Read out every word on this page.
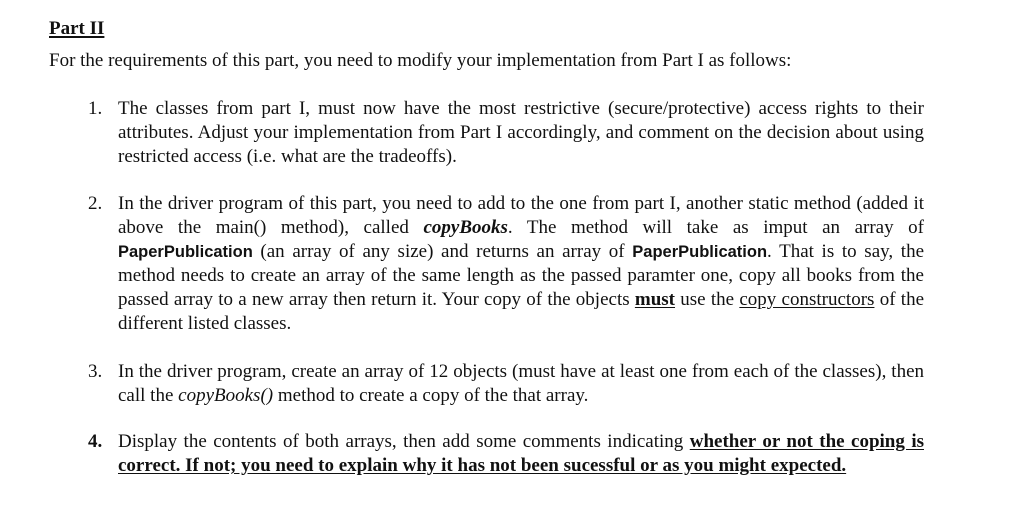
Part II

For the requirements of this part, you need to modify your implementation from Part I as follows:

1. The classes from part I, must now have the most restrictive (secure/protective) access rights to their attributes. Adjust your implementation from Part I accordingly, and comment on the decision about using restricted access (i.e. what are the tradeoffs).
2. In the driver program of this part, you need to add to the one from part I, another static method (added it above the main() method), called copyBooks. The method will take as imput an array of PaperPublication (an array of any size) and returns an array of PaperPublication. That is to say, the method needs to create an array of the same length as the passed paramter one, copy all books from the passed array to a new array then return it. Your copy of the objects must use the copy constructors of the different listed classes.
3. In the driver program, create an array of 12 objects (must have at least one from each of the classes), then call the copyBooks() method to create a copy of the that array.
4. Display the contents of both arrays, then add some comments indicating whether or not the coping is correct. If not; you need to explain why it has not been sucessful or as you might expected.
